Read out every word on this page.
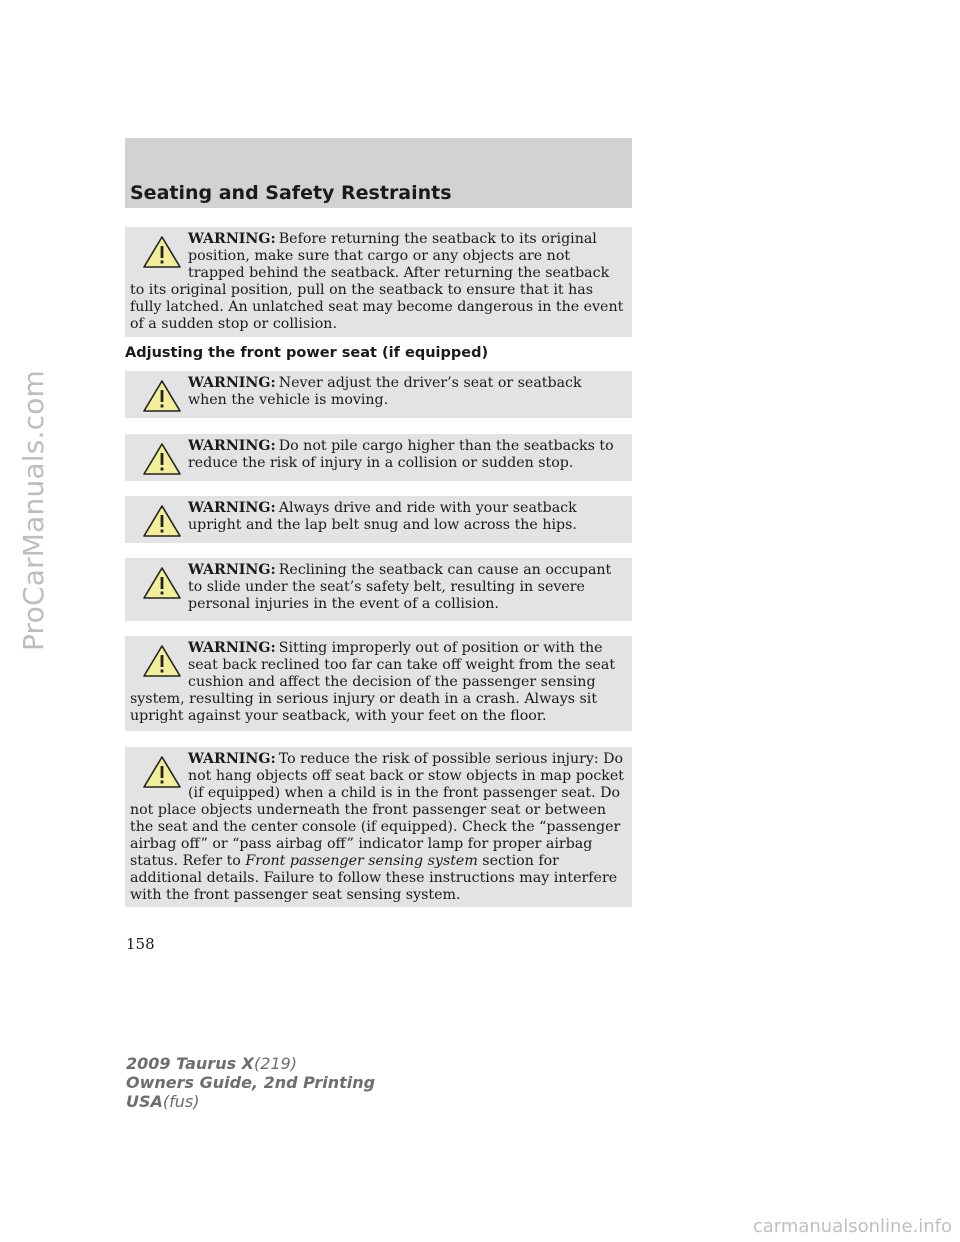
ProCarManuals.com
Seating and Safety Restraints
WARNING: Before returning the seatback to its original position, make sure that cargo or any objects are not trapped behind the seatback. After returning the seatback to its original position, pull on the seatback to ensure that it has fully latched. An unlatched seat may become dangerous in the event of a sudden stop or collision.
Adjusting the front power seat (if equipped)
WARNING: Never adjust the driver’s seat or seatback when the vehicle is moving.
WARNING: Do not pile cargo higher than the seatbacks to reduce the risk of injury in a collision or sudden stop.
WARNING: Always drive and ride with your seatback upright and the lap belt snug and low across the hips.
WARNING: Reclining the seatback can cause an occupant to slide under the seat’s safety belt, resulting in severe personal injuries in the event of a collision.
WARNING: Sitting improperly out of position or with the seat back reclined too far can take off weight from the seat cushion and affect the decision of the passenger sensing system, resulting in serious injury or death in a crash. Always sit upright against your seatback, with your feet on the floor.
WARNING: To reduce the risk of possible serious injury: Do not hang objects off seat back or stow objects in map pocket (if equipped) when a child is in the front passenger seat. Do not place objects underneath the front passenger seat or between the seat and the center console (if equipped). Check the “passenger airbag off” or “pass airbag off” indicator lamp for proper airbag status. Refer to Front passenger sensing system section for additional details. Failure to follow these instructions may interfere with the front passenger seat sensing system.
158
2009 Taurus X(219)
Owners Guide, 2nd Printing
USA(fus)
carmanualsonline.info
